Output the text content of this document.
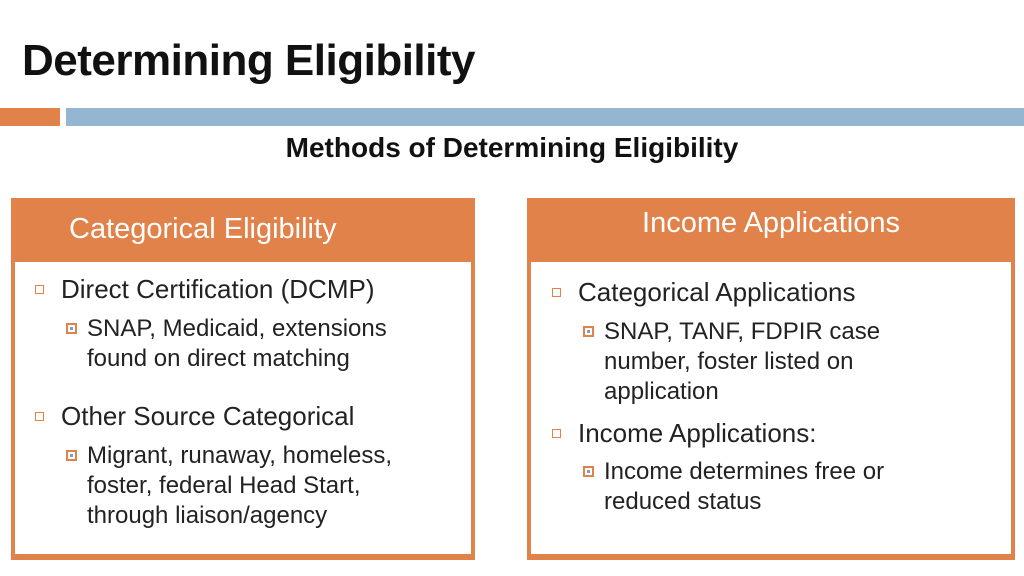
Determining Eligibility
Methods of Determining Eligibility
Categorical Eligibility
Direct Certification (DCMP)
SNAP, Medicaid, extensions
found on direct matching
Other Source Categorical
Migrant, runaway, homeless,
foster, federal Head Start,
through liaison/agency
Income Applications
Categorical Applications
SNAP, TANF, FDPIR case
number, foster listed on
application
Income Applications:
Income determines free or
reduced status
